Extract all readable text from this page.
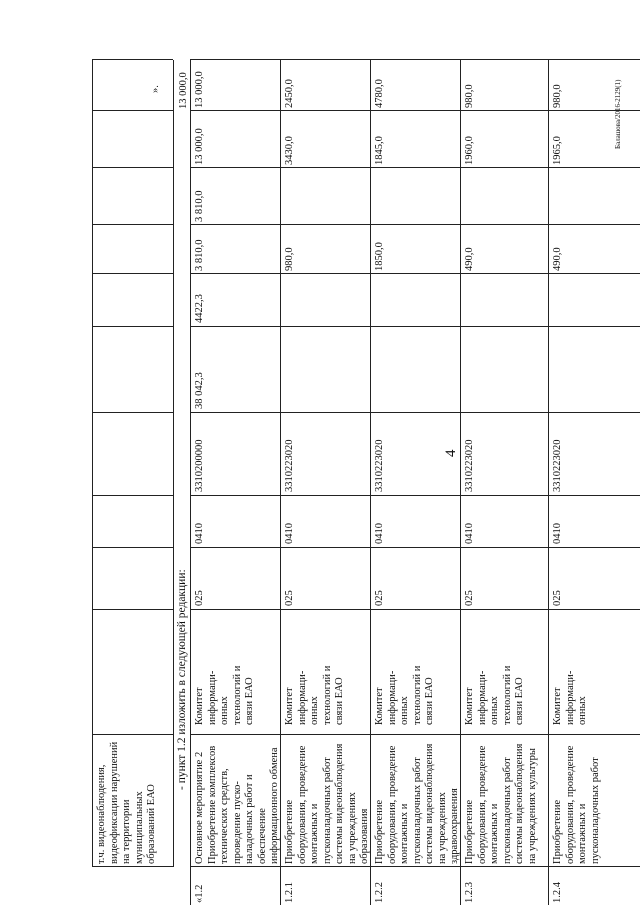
4
Балашова/2016-2129(1)
- пункт 1.2 изложить в следующей редакции:
т.ч. видеонаблюдения, видеофиксации нарушений на территории муниципальных образований ЕАО
». 13 000,0
«1.2
Основное мероприятие 2 Приобретение комплексов технических средств, проведение пуско-наладочных работ и обеспечение информационного обмена
Комитет информаци-онных технологий и связи ЕАО
025
0410
3310200000
38 042,3
4422,3
3 810,0
3 810,0
13 000,0
13 000,0
1.2.1
Приобретение оборудования, проведение монтажных и пусконаладочных работ системы видеонаблюдения на учреждениях образования
Комитет информаци-онных технологий и связи ЕАО
025
0410
3310223020
980,0
3430,0
2450,0
1.2.2
Приобретение оборудования, проведение монтажных и пусконаладочных работ системы видеонаблюдения на учреждениях здравоохранения
Комитет информаци-онных технологий и связи ЕАО
025
0410
3310223020
1850,0
1845,0
4780,0
1.2.3
Приобретение оборудования, проведение монтажных и пусконаладочных работ системы видеонаблюдения на учреждениях культуры
Комитет информаци-онных технологий и связи ЕАО
025
0410
3310223020
490,0
1960,0
980,0
1.2.4
Приобретение оборудования, проведение монтажных и пусконаладочных работ
Комитет информаци-онных
025
0410
3310223020
490,0
1965,0
980,0
